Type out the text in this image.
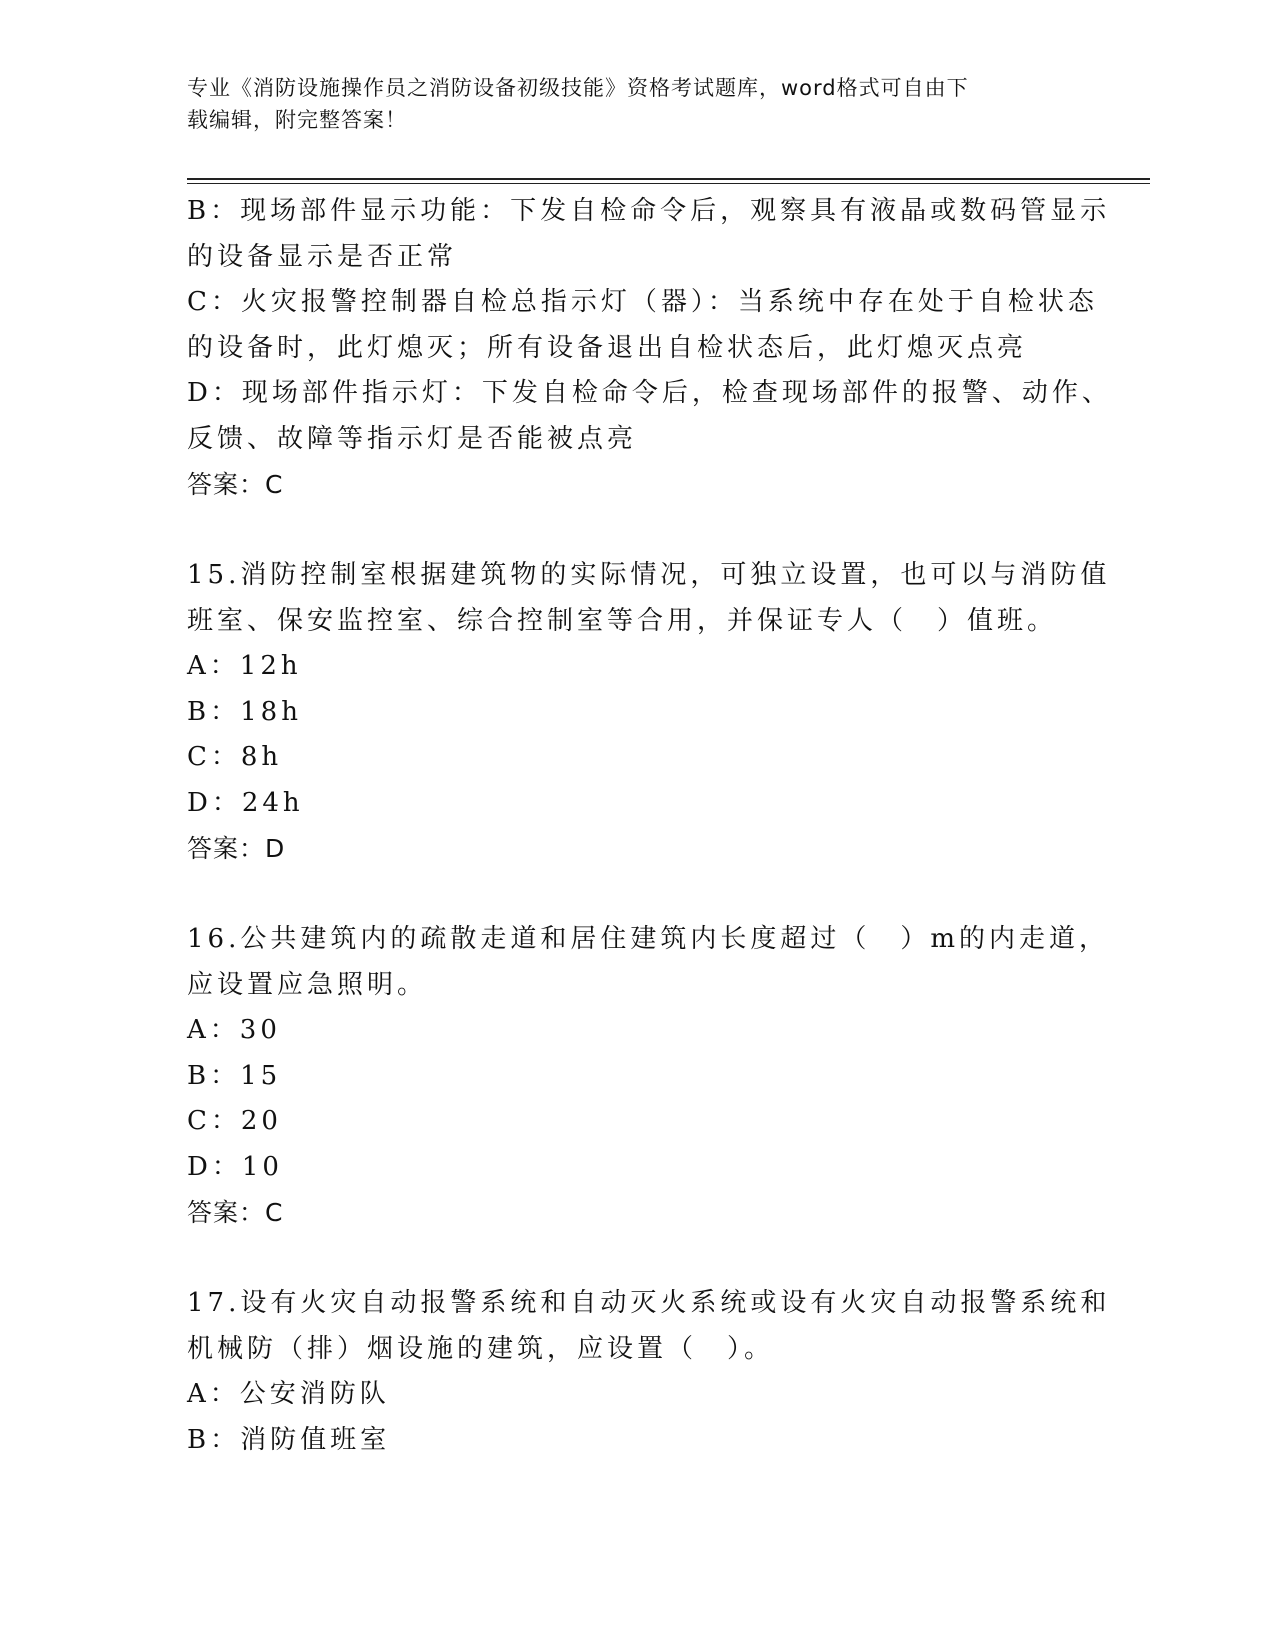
专业《消防设施操作员之消防设备初级技能》资格考试题库，word格式可自由下
载编辑，附完整答案！
B：现场部件显示功能：下发自检命令后，观察具有液晶或数码管显示
的设备显示是否正常
C：火灾报警控制器自检总指示灯（器）：当系统中存在处于自检状态
的设备时，此灯熄灭；所有设备退出自检状态后，此灯熄灭点亮
D：现场部件指示灯：下发自检命令后，检查现场部件的报警、动作、
反馈、故障等指示灯是否能被点亮
答案：C
15.消防控制室根据建筑物的实际情况，可独立设置，也可以与消防值
班室、保安监控室、综合控制室等合用，并保证专人（　）值班。
A：12h
B：18h
C：8h
D：24h
答案：D
16.公共建筑内的疏散走道和居住建筑内长度超过（　）m的内走道，
应设置应急照明。
A：30
B：15
C：20
D：10
答案：C
17.设有火灾自动报警系统和自动灭火系统或设有火灾自动报警系统和
机械防（排）烟设施的建筑，应设置（　）。
A：公安消防队
B：消防值班室
